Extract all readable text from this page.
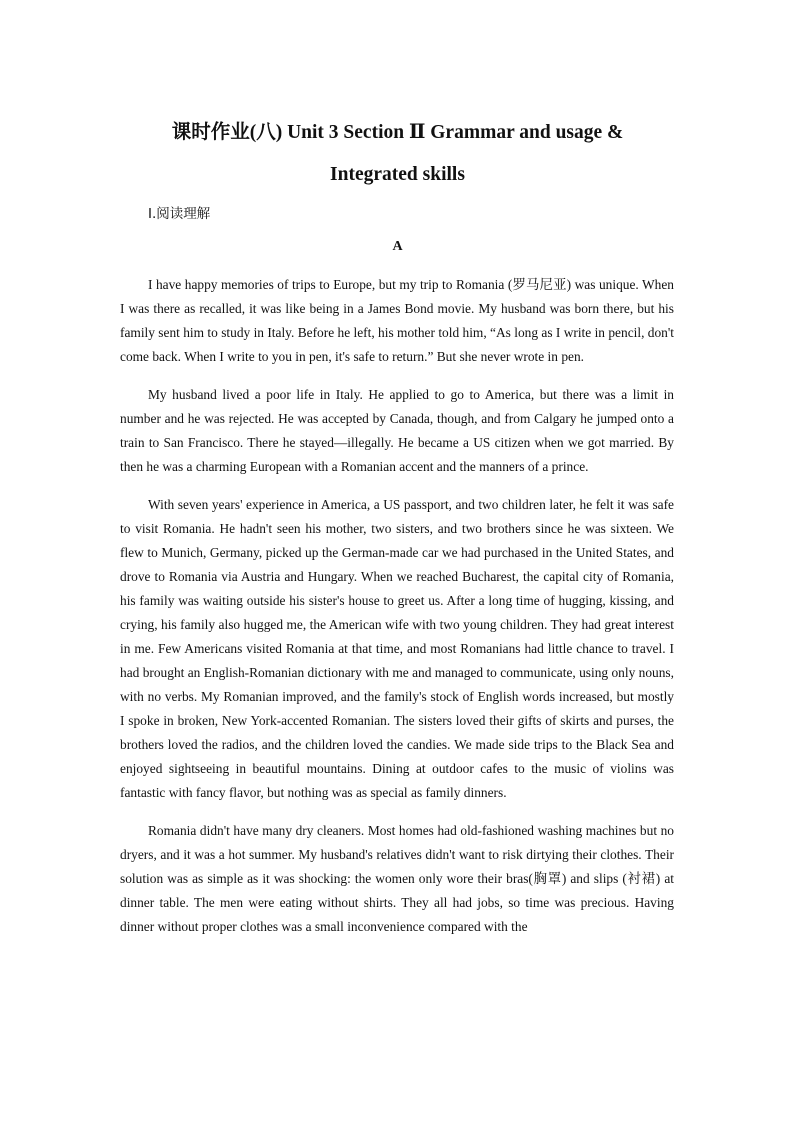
课时作业(八) Unit 3 Section Ⅱ Grammar and usage &
Integrated skills
Ⅰ.阅读理解
A

I have happy memories of trips to Europe, but my trip to Romania (罗马尼亚) was unique. When I was there as recalled, it was like being in a James Bond movie. My husband was born there, but his family sent him to study in Italy. Before he left, his mother told him, “As long as I write in pencil, don't come back. When I write to you in pen, it's safe to return.” But she never wrote in pen.

My husband lived a poor life in Italy. He applied to go to America, but there was a limit in number and he was rejected. He was accepted by Canada, though, and from Calgary he jumped onto a train to San Francisco. There he stayed—illegally. He became a US citizen when we got married. By then he was a charming European with a Romanian accent and the manners of a prince.

With seven years' experience in America, a US passport, and two children later, he felt it was safe to visit Romania. He hadn't seen his mother, two sisters, and two brothers since he was sixteen. We flew to Munich, Germany, picked up the German-made car we had purchased in the United States, and drove to Romania via Austria and Hungary. When we reached Bucharest, the capital city of Romania, his family was waiting outside his sister's house to greet us. After a long time of hugging, kissing, and crying, his family also hugged me, the American wife with two young children. They had great interest in me. Few Americans visited Romania at that time, and most Romanians had little chance to travel. I had brought an English-Romanian dictionary with me and managed to communicate, using only nouns, with no verbs. My Romanian improved, and the family's stock of English words increased, but mostly I spoke in broken, New York-accented Romanian. The sisters loved their gifts of skirts and purses, the brothers loved the radios, and the children loved the candies. We made side trips to the Black Sea and enjoyed sightseeing in beautiful mountains. Dining at outdoor cafes to the music of violins was fantastic with fancy flavor, but nothing was as special as family dinners.

Romania didn't have many dry cleaners. Most homes had old-fashioned washing machines but no dryers, and it was a hot summer. My husband's relatives didn't want to risk dirtying their clothes. Their solution was as simple as it was shocking: the women only wore their bras(胸罩) and slips (衬裙) at dinner table. The men were eating without shirts. They all had jobs, so time was precious. Having dinner without proper clothes was a small inconvenience compared with the
